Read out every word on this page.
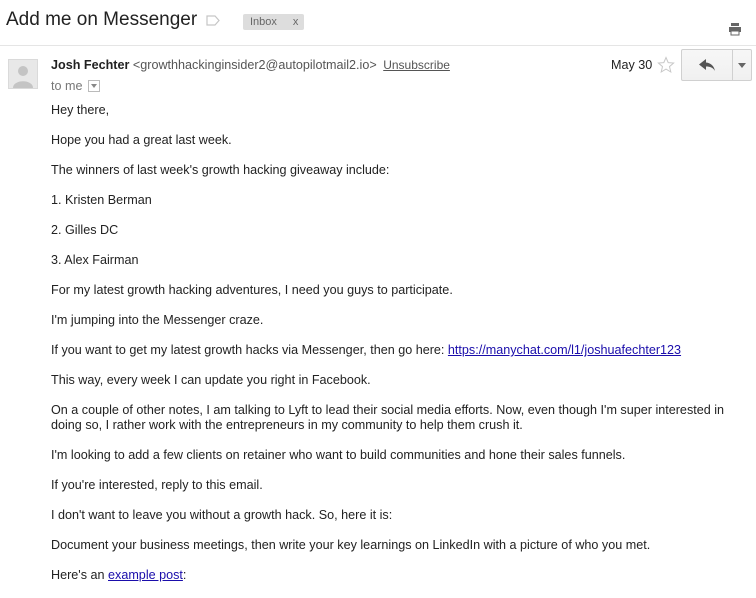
Add me on Messenger	Inbox x
Josh Fechter <growthhackinginsider2@autopilotmail2.io> Unsubscribe	May 30
to me

Hey there,

Hope you had a great last week.

The winners of last week's growth hacking giveaway include:

1. Kristen Berman

2. Gilles DC

3. Alex Fairman

For my latest growth hacking adventures, I need you guys to participate.

I'm jumping into the Messenger craze.

If you want to get my latest growth hacks via Messenger, then go here: https://manychat.com/l1/joshuafechter123

This way, every week I can update you right in Facebook.

On a couple of other notes, I am talking to Lyft to lead their social media efforts. Now, even though I'm super interested in doing so, I rather work with the entrepreneurs in my community to help them crush it.

I'm looking to add a few clients on retainer who want to build communities and hone their sales funnels.

If you're interested, reply to this email.

I don't want to leave you without a growth hack. So, here it is:

Document your business meetings, then write your key learnings on LinkedIn with a picture of who you met.

Here's an example post:
